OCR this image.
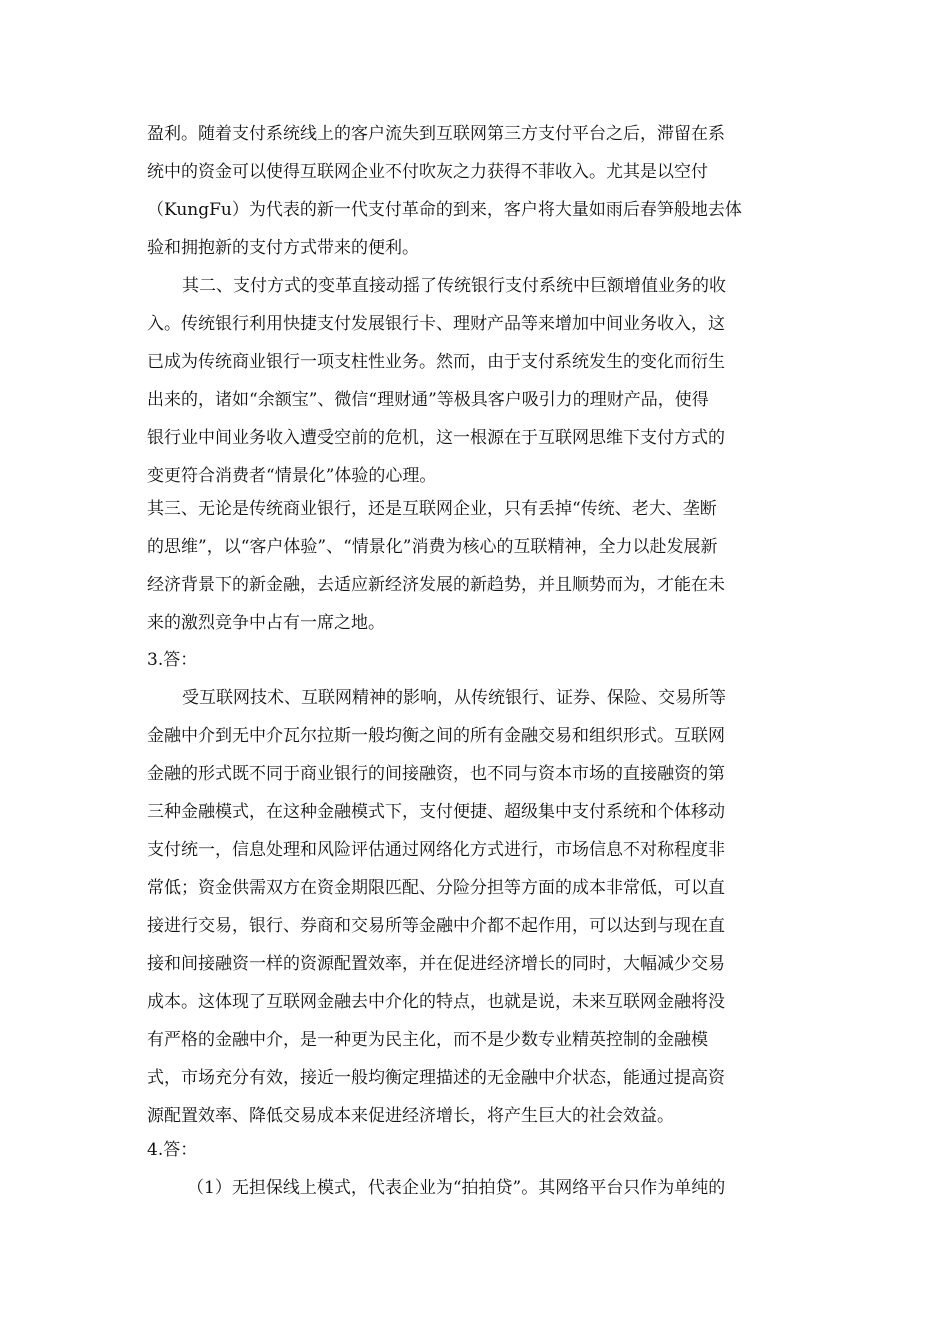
盈利。随着支付系统线上的客户流失到互联网第三方支付平台之后，滞留在系
统中的资金可以使得互联网企业不付吹灰之力获得不菲收入。尤其是以空付
（KungFu）为代表的新一代支付革命的到来，客户将大量如雨后春笋般地去体
验和拥抱新的支付方式带来的便利。
其二、支付方式的变革直接动摇了传统银行支付系统中巨额增值业务的收
入。传统银行利用快捷支付发展银行卡、理财产品等来增加中间业务收入，这
已成为传统商业银行一项支柱性业务。然而，由于支付系统发生的变化而衍生
出来的，诸如“余额宝”、微信“理财通”等极具客户吸引力的理财产品，使得
银行业中间业务收入遭受空前的危机，这一根源在于互联网思维下支付方式的
变更符合消费者“情景化”体验的心理。
其三、无论是传统商业银行，还是互联网企业，只有丢掉“传统、老大、垄断
的思维”，以“客户体验”、“情景化”消费为核心的互联精神，全力以赴发展新
经济背景下的新金融，去适应新经济发展的新趋势，并且顺势而为，才能在未
来的激烈竞争中占有一席之地。
3.答：
受互联网技术、互联网精神的影响，从传统银行、证券、保险、交易所等
金融中介到无中介瓦尔拉斯一般均衡之间的所有金融交易和组织形式。互联网
金融的形式既不同于商业银行的间接融资，也不同与资本市场的直接融资的第
三种金融模式，在这种金融模式下，支付便捷、超级集中支付系统和个体移动
支付统一，信息处理和风险评估通过网络化方式进行，市场信息不对称程度非
常低；资金供需双方在资金期限匹配、分险分担等方面的成本非常低，可以直
接进行交易，银行、券商和交易所等金融中介都不起作用，可以达到与现在直
接和间接融资一样的资源配置效率，并在促进经济增长的同时，大幅减少交易
成本。这体现了互联网金融去中介化的特点，也就是说，未来互联网金融将没
有严格的金融中介，是一种更为民主化，而不是少数专业精英控制的金融模
式，市场充分有效，接近一般均衡定理描述的无金融中介状态，能通过提高资
源配置效率、降低交易成本来促进经济增长，将产生巨大的社会效益。
4.答：
（1）无担保线上模式，代表企业为“拍拍贷”。其网络平台只作为单纯的
